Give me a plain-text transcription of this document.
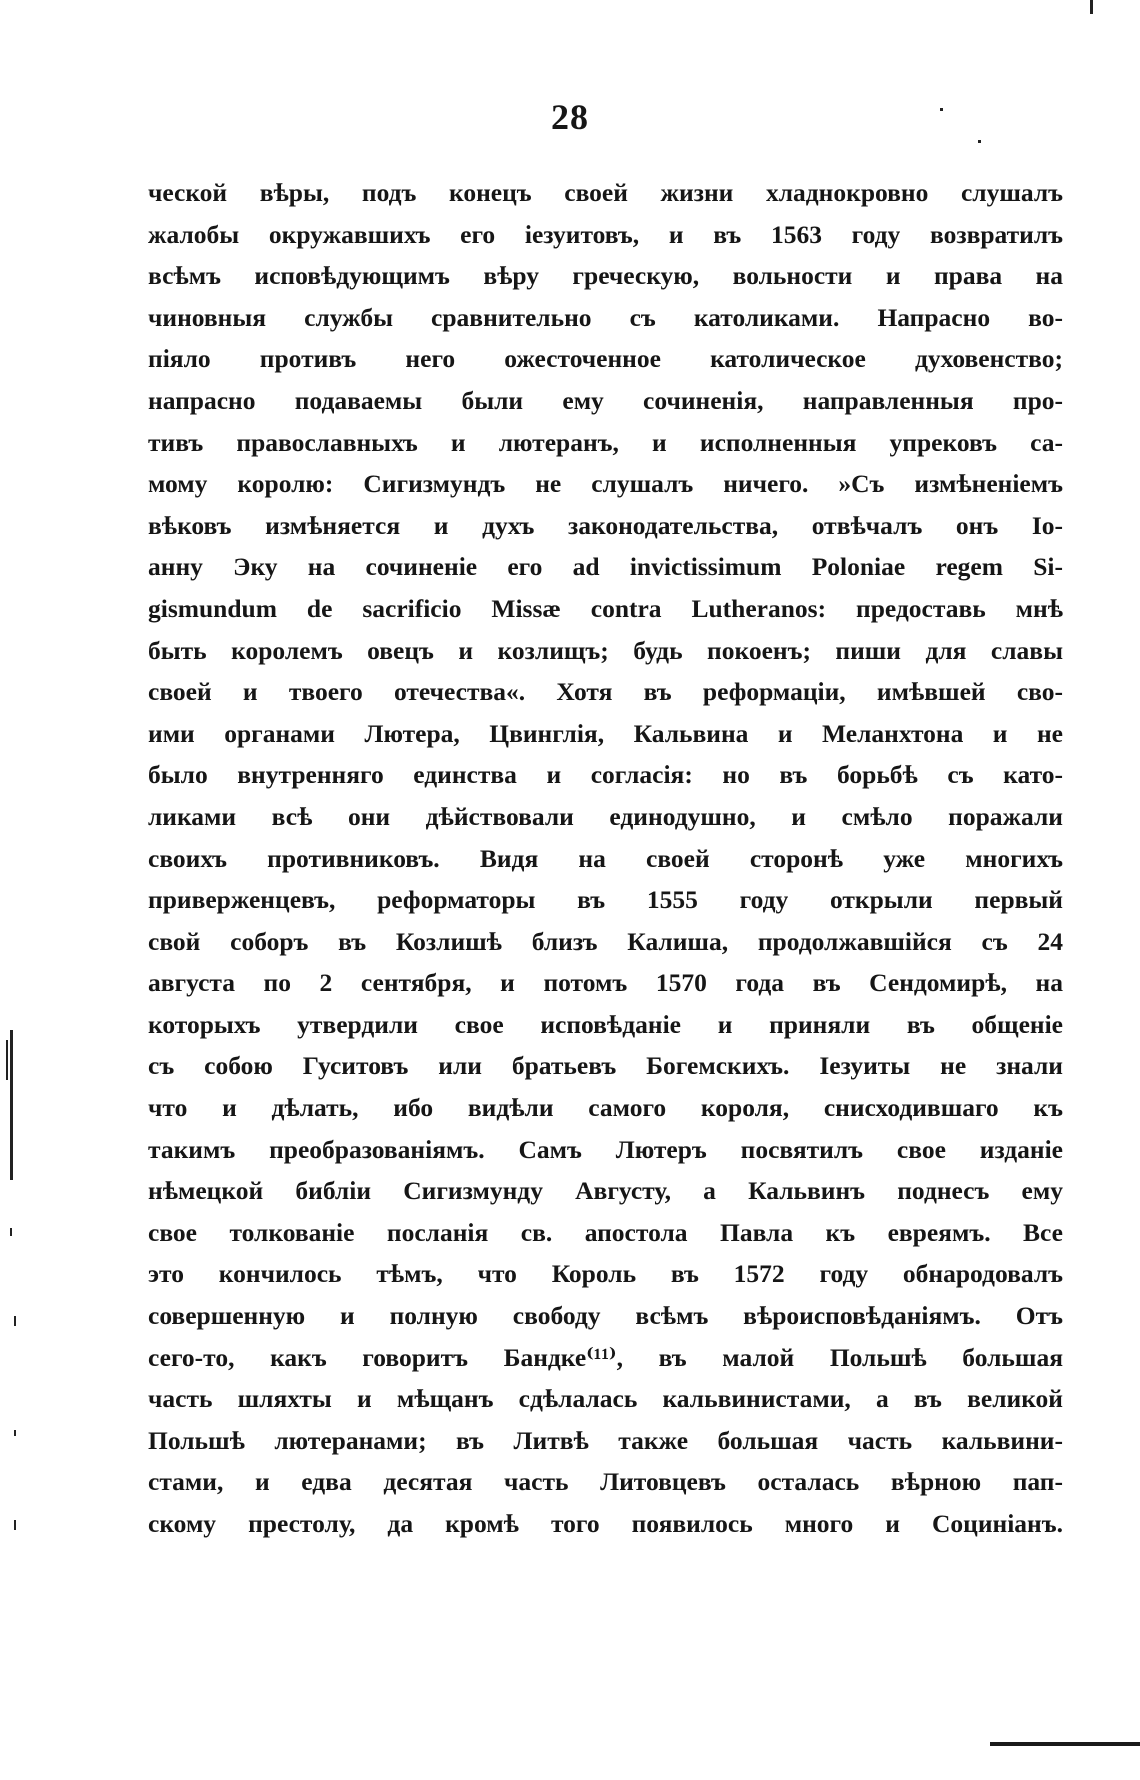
28
ческой вѣры, подъ конецъ своей жизни хладнокровно слушалъ
жалобы окружавшихъ его іезуитовъ, и въ 1563 году возвратилъ
всѣмъ исповѣдующимъ вѣру греческую, вольности и права на
чиновныя службы сравнительно съ католиками. Напрасно во-
піяло противъ него ожесточенное католическое духовенство;
напрасно подаваемы были ему сочиненія, направленныя про-
тивъ православныхъ и лютеранъ, и исполненныя упрековъ са-
мому королю: Сигизмундъ не слушалъ ничего. »Съ измѣненіемъ
вѣковъ измѣняется и духъ законодательства, отвѣчалъ онъ Іо-
анну Эку на сочиненіе его ad invictissimum Poloniae regem Si-
gismundum de sacrificio Missæ contra Lutheranos: предоставь мнѣ
быть королемъ овецъ и козлищъ; будь покоенъ; пиши для славы
своей и твоего отечества«. Хотя въ реформаціи, имѣвшей сво-
ими органами Лютера, Цвинглія, Кальвина и Меланхтона и не
было внутренняго единства и согласія: но въ борьбѣ съ като-
ликами всѣ они дѣйствовали единодушно, и смѣло поражали
своихъ противниковъ. Видя на своей сторонѣ уже многихъ
приверженцевъ, реформаторы въ 1555 году открыли первый
свой соборъ въ Козлишѣ близъ Калиша, продолжавшійся съ 24
августа по 2 сентября, и потомъ 1570 года въ Сендомирѣ, на
которыхъ утвердили свое исповѣданіе и приняли въ общеніе
съ собою Гуситовъ или братьевъ Богемскихъ. Іезуиты не знали
что и дѣлать, ибо видѣли самого короля, снисходившаго къ
такимъ преобразованіямъ. Самъ Лютеръ посвятилъ свое изданіе
нѣмецкой библіи Сигизмунду Августу, а Кальвинъ поднесъ ему
свое толкованіе посланія св. апостола Павла къ евреямъ. Все
это кончилось тѣмъ, что Король въ 1572 году обнародовалъ
совершенную и полную свободу всѣмъ вѣроисповѣданіямъ. Отъ
сего-то, какъ говоритъ Бандке⁽¹¹⁾, въ малой Польшѣ большая
часть шляхты и мѣщанъ сдѣлалась кальвинистами, а въ великой
Польшѣ лютеранами; въ Литвѣ также большая часть кальвини-
стами, и едва десятая часть Литовцевъ осталась вѣрною пап-
скому престолу, да кромѣ того появилось много и Социніанъ.
